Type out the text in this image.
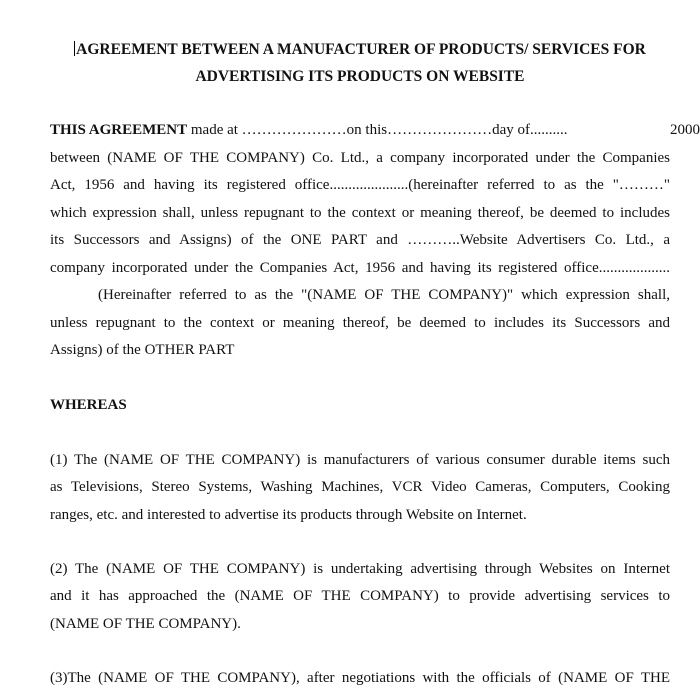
AGREEMENT BETWEEN A MANUFACTURER OF PRODUCTS/ SERVICES FOR
ADVERTISING ITS PRODUCTS ON WEBSITE
THIS AGREEMENT made at …………………on this…………………day of..........	2000
between (NAME OF THE COMPANY) Co. Ltd., a company incorporated under the Companies
Act, 1956 and having its registered office.....................(hereinafter referred to as the "………"
which expression shall, unless repugnant to the context or meaning thereof, be deemed to includes
its Successors and Assigns) of the ONE PART and ………..Website Advertisers Co. Ltd., a
company incorporated under the Companies Act, 1956 and having its registered office...................
(Hereinafter referred to as the "(NAME OF THE COMPANY)" which expression shall,
unless repugnant to the context or meaning thereof, be deemed to includes its Successors and
Assigns) of the OTHER PART
WHEREAS
(1) The (NAME OF THE COMPANY) is manufacturers of various consumer durable items such
as Televisions, Stereo Systems, Washing Machines, VCR Video Cameras, Computers, Cooking
ranges, etc. and interested to advertise its products through Website on Internet.
(2) The (NAME OF THE COMPANY) is undertaking advertising through Websites on Internet
and it has approached the (NAME OF THE COMPANY) to provide advertising services to
(NAME OF THE COMPANY).
(3)The (NAME OF THE COMPANY), after negotiations with the officials of (NAME OF THE
